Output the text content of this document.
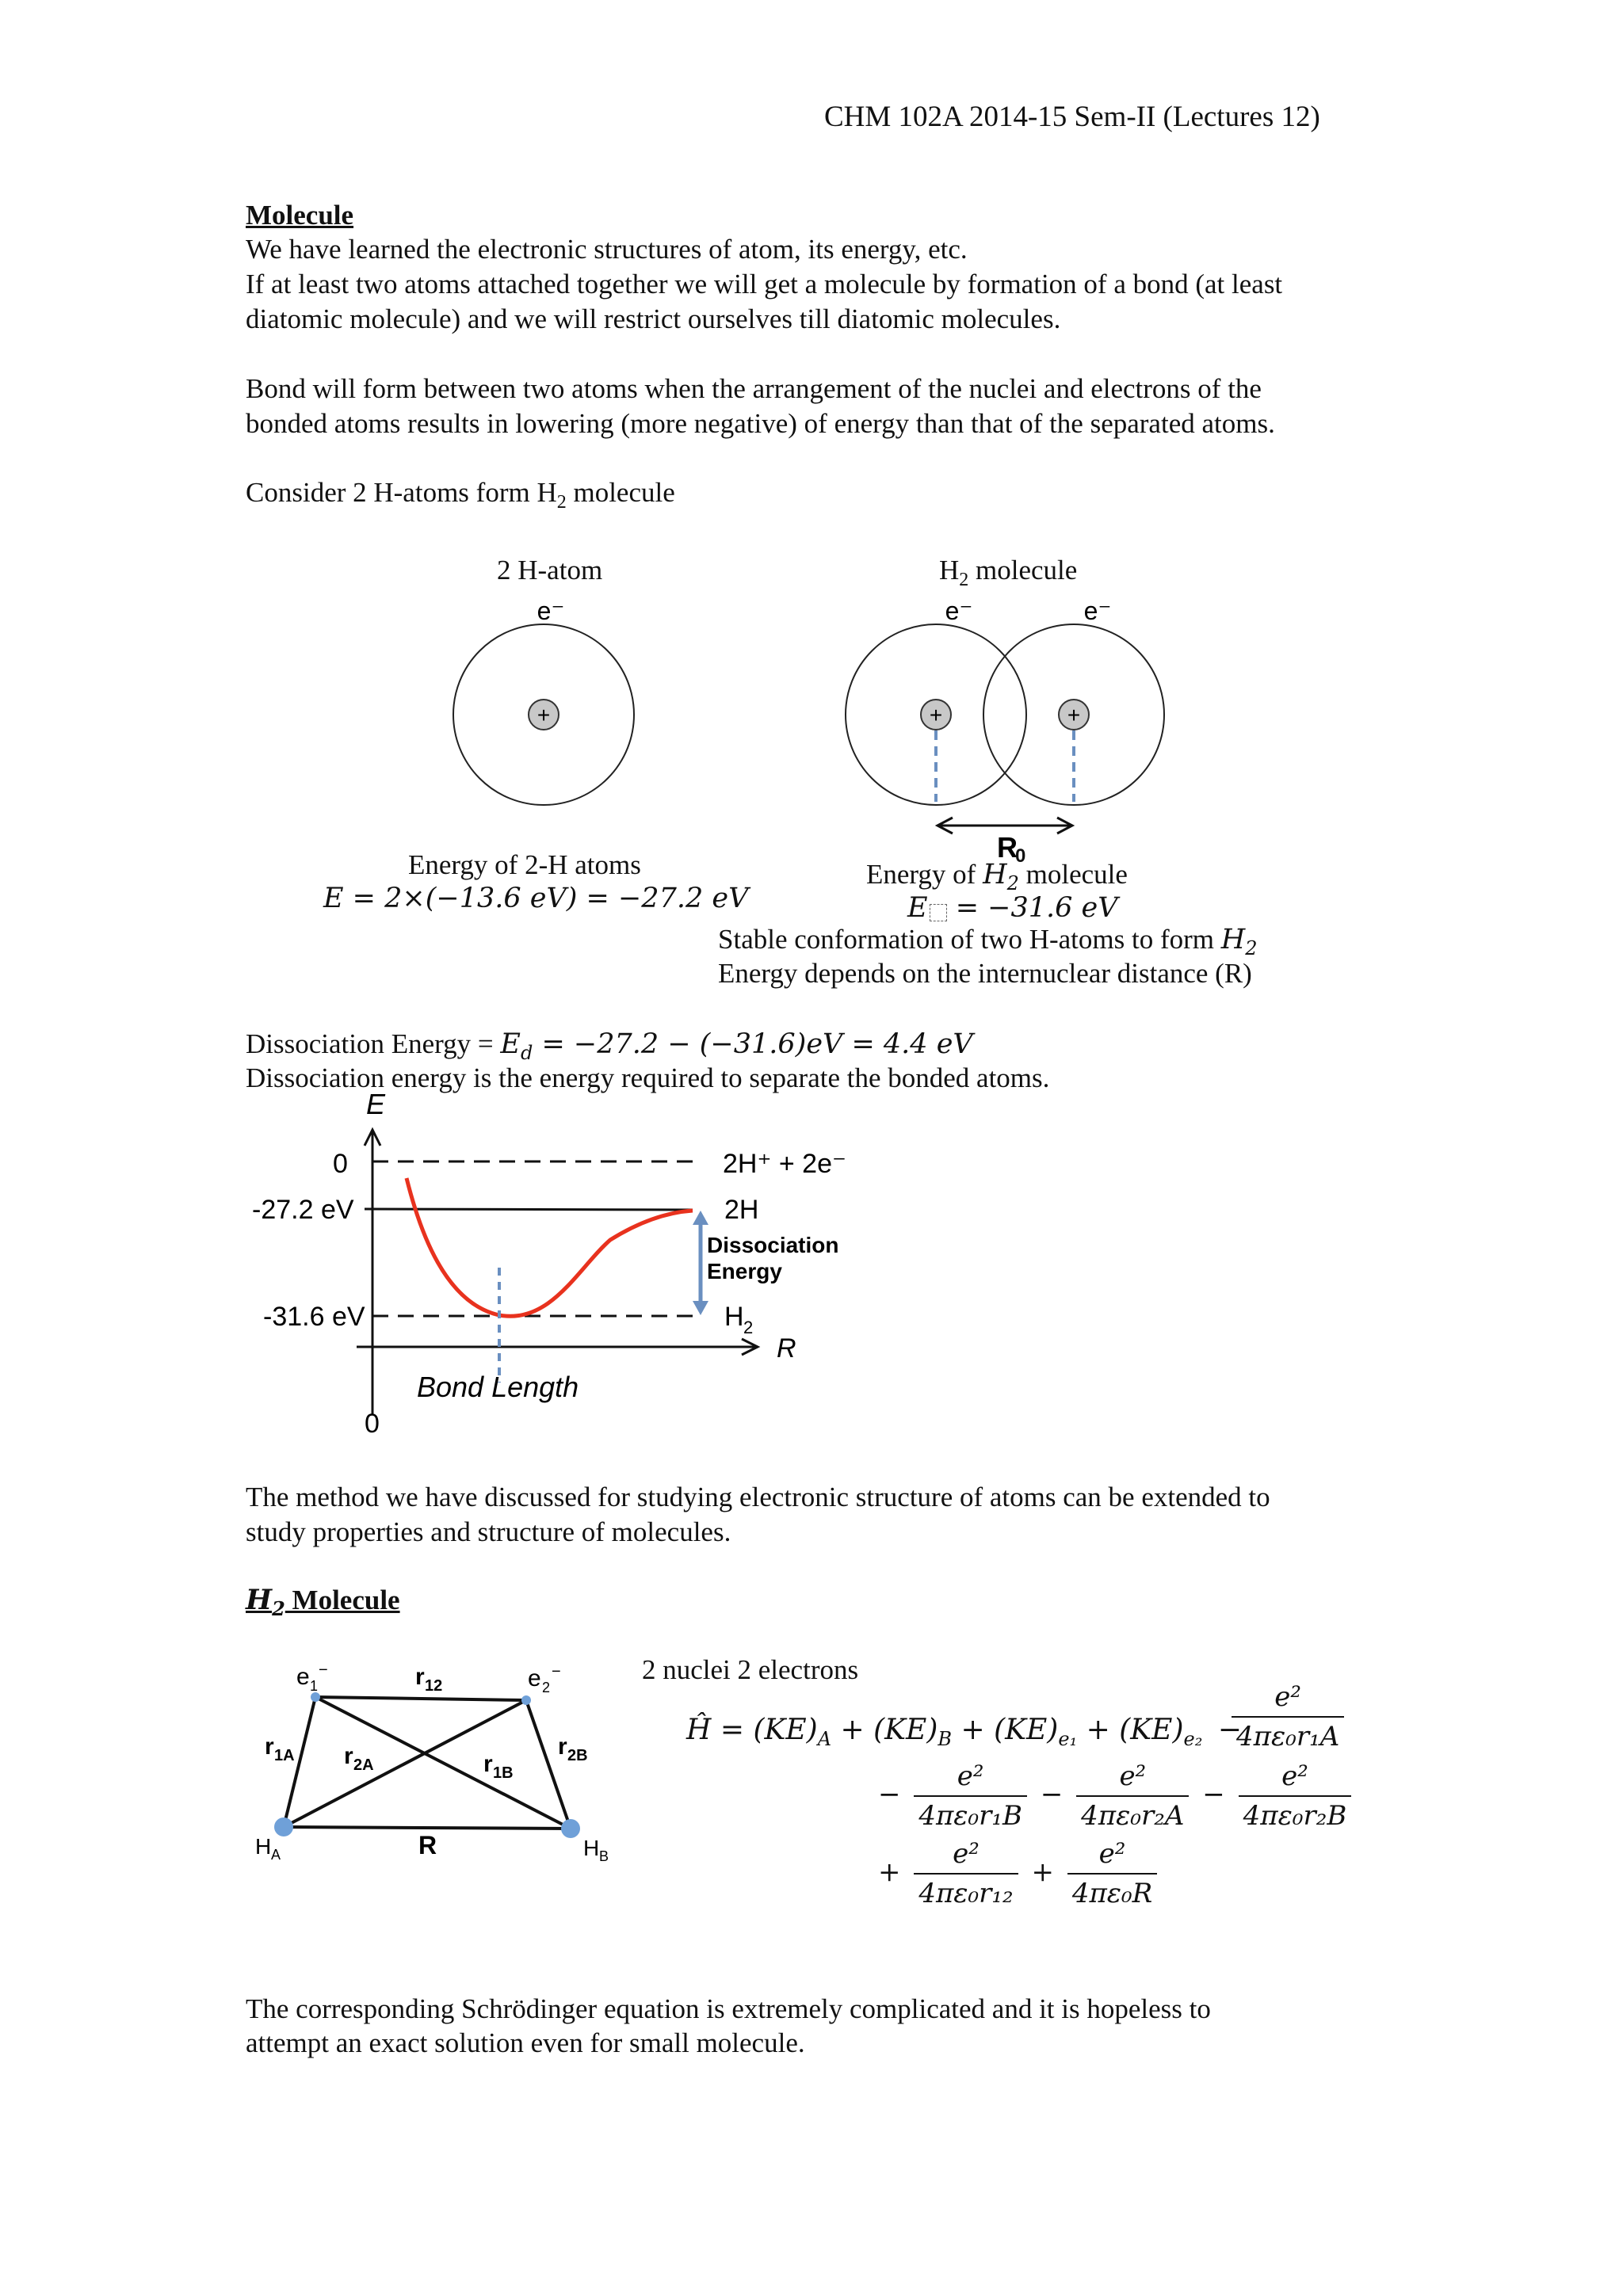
CHM 102A 2014-15 Sem-II (Lectures 12)
Molecule
We have learned the electronic structures of atom, its energy, etc.
If at least two atoms attached together we will get a molecule by formation of a bond (at least
diatomic molecule) and we will restrict ourselves till diatomic molecules.
Bond will form between two atoms when the arrangement of the nuclei and electrons of the
bonded atoms results in lowering (more negative) of energy than that of the separated atoms.
Consider 2 H-atoms form $H_2$ molecule
2 H-atom	$H_2$ molecule
+
e⁻
+	+
e⁻	e⁻
R
0
Energy of 2-H atoms
E = 2×(−13.6 eV) = −27.2 eV
Energy of $H_2$ molecule
E = −31.6 eV
Stable conformation of two H-atoms to form $H_2$
Energy depends on the internuclear distance (R)
Dissociation Energy = $E_d = -27.2 - (-31.6)eV = 4.4$ eV
Dissociation energy is the energy required to separate the bonded atoms.
E
0
-27.2 eV
-31.6 eV
2H⁺ + 2e⁻
2H
H 2
Dissociation
Energy
R
Bond Length
0
The method we have discussed for studying electronic structure of atoms can be extended to
study properties and structure of molecules.
$H_2$ Molecule
2 nuclei 2 electrons
e 1
−	e 2
−
r 12
r 1A r 2A	r 1B
r 2B
R
H A	H B
Ĥ = $(KE)_A + (KE)_B + (KE)_{e_1} + (KE)_{e_2}$ −
$\frac{\text{e²}}{\text{4πε₀r₁A}}$
− $\frac{\text{e²}}{\text{4πε₀r₁B}} - \frac{\text{e²}}{\text{4πε₀r₂A}} - \frac{\text{e²}}{\text{4πε₀r₂B}}$
+ $\frac{\text{e²}}{\text{4πε₀r₁₂}} + \frac{\text{e²}}{\text{4πε₀R}}$
The corresponding Schrödinger equation is extremely complicated and it is hopeless to
attempt an exact solution even for small molecule.
